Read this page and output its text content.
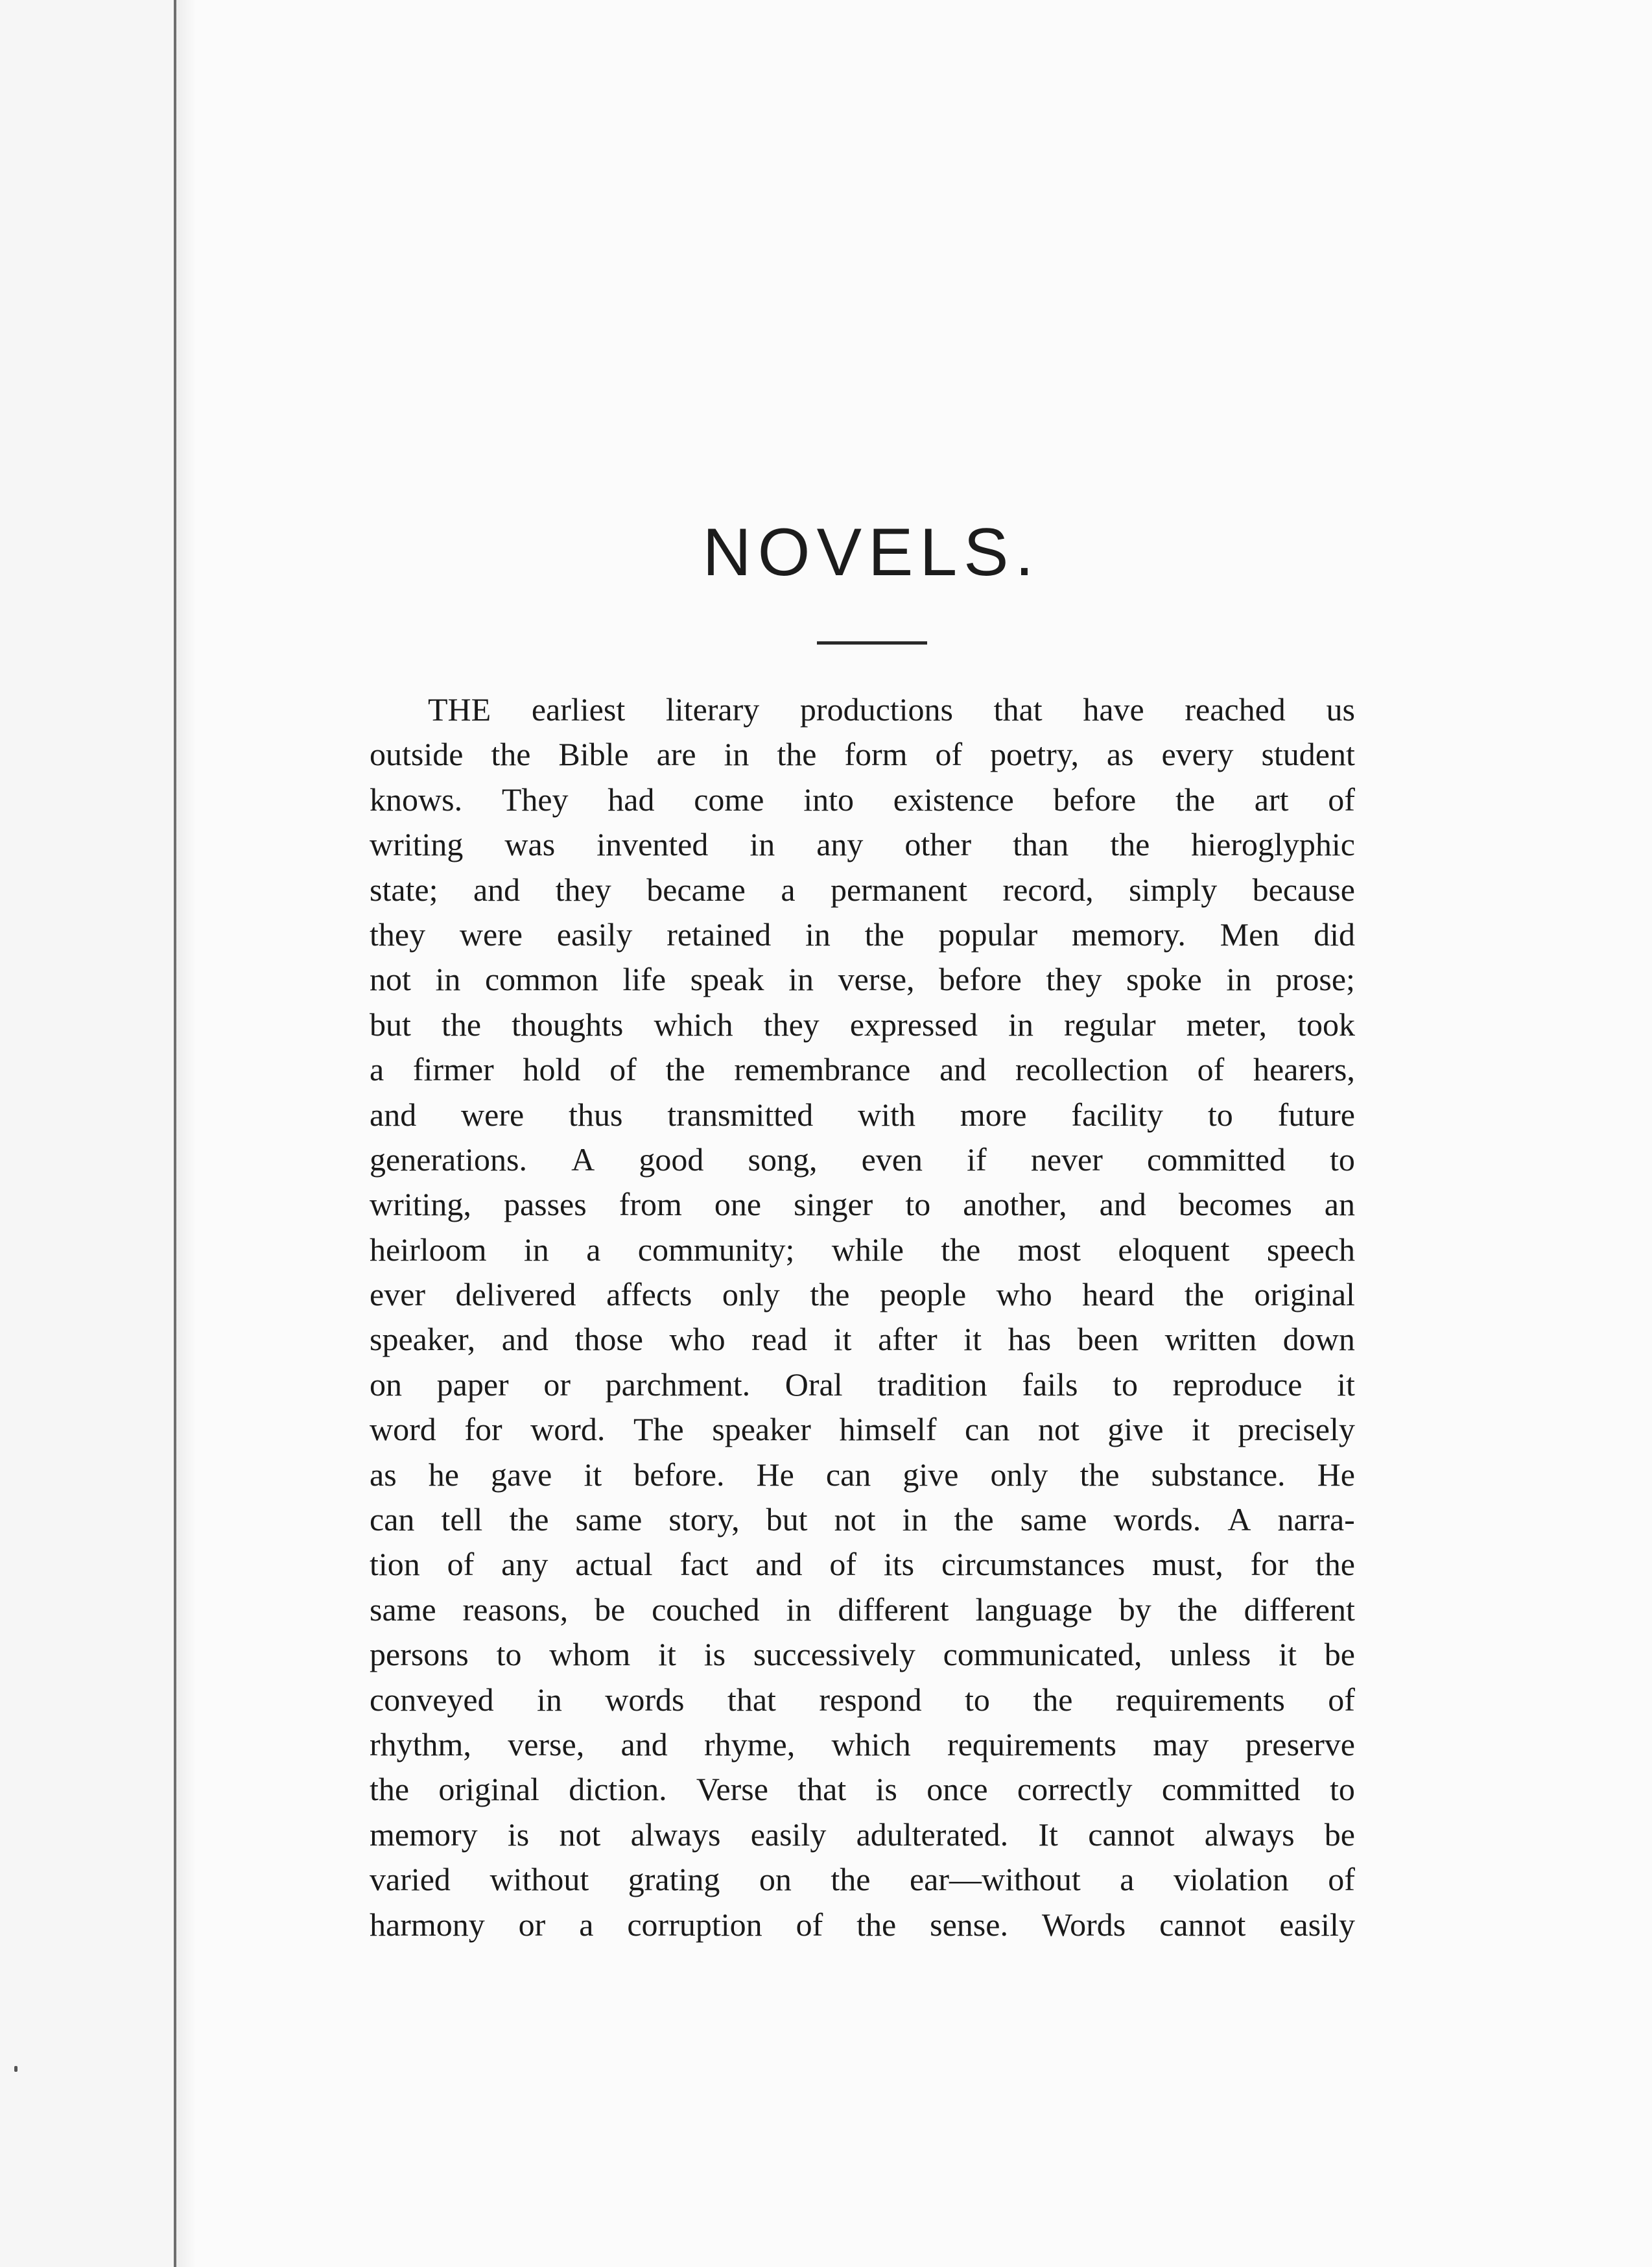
NOVELS.
THE earliest literary productions that have reached us
outside the Bible are in the form of poetry, as every student
knows. They had come into existence before the art of
writing was invented in any other than the hieroglyphic
state; and they became a permanent record, simply because
they were easily retained in the popular memory. Men did
not in common life speak in verse, before they spoke in prose;
but the thoughts which they expressed in regular meter, took
a firmer hold of the remembrance and recollection of hearers,
and were thus transmitted with more facility to future
generations. A good song, even if never committed to
writing, passes from one singer to another, and becomes an
heirloom in a community; while the most eloquent speech
ever delivered affects only the people who heard the original
speaker, and those who read it after it has been written down
on paper or parchment. Oral tradition fails to reproduce it
word for word. The speaker himself can not give it precisely
as he gave it before. He can give only the substance. He
can tell the same story, but not in the same words. A narra-
tion of any actual fact and of its circumstances must, for the
same reasons, be couched in different language by the different
persons to whom it is successively communicated, unless it be
conveyed in words that respond to the requirements of
rhythm, verse, and rhyme, which requirements may preserve
the original diction. Verse that is once correctly committed to
memory is not always easily adulterated. It cannot always be
varied without grating on the ear—without a violation of
harmony or a corruption of the sense. Words cannot easily
